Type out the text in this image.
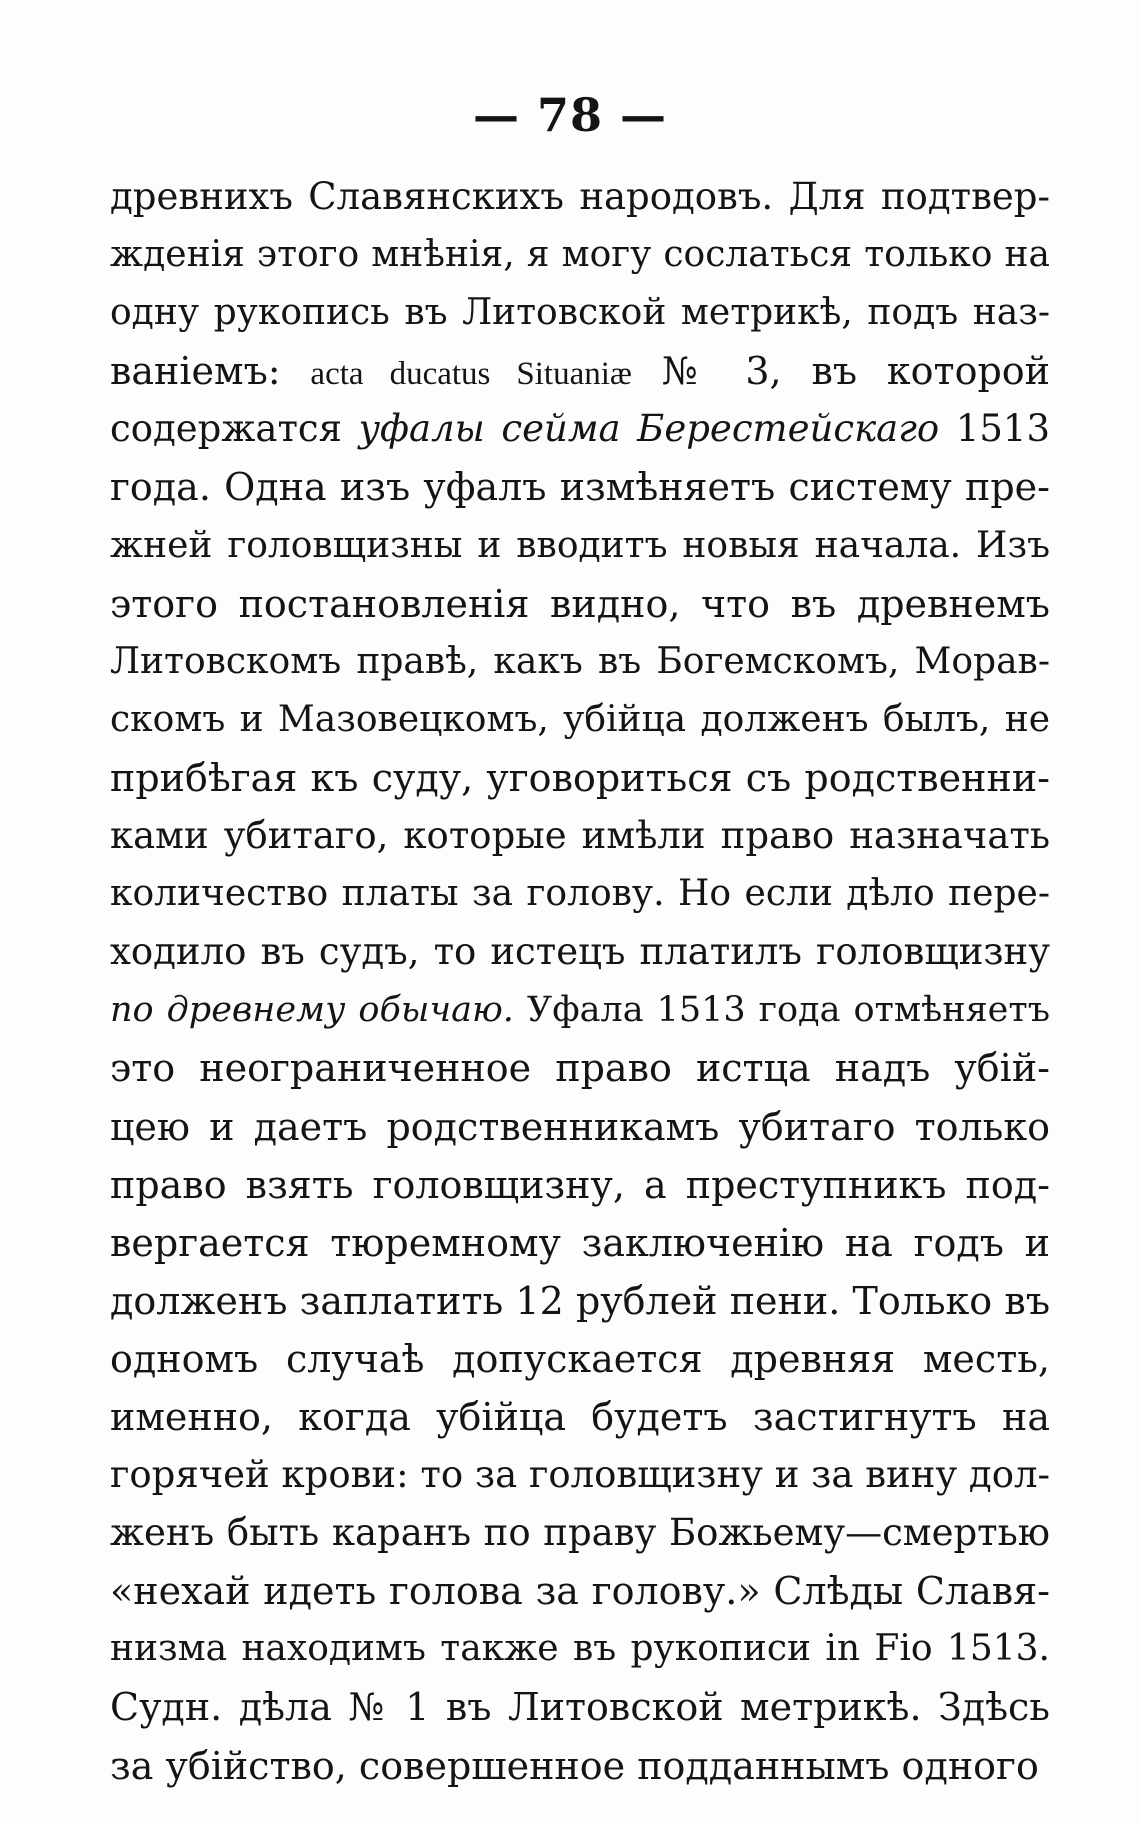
— 78 —
древнихъ Славянскихъ народовъ. Для подтвер-
жденія этого мнѣнія, я могу сослаться только на
одну рукопись въ Литовской метрикѣ, подъ наз-
ваніемъ: acta ducatus Situaniæ № 3, въ которой
содержатся уфалы сейма Берестейскаго 1513
года. Одна изъ уфалъ измѣняетъ систему пре-
жней головщизны и вводитъ новыя начала. Изъ
этого постановленія видно, что въ древнемъ
Литовскомъ правѣ, какъ въ Богемскомъ, Морав-
скомъ и Мазовецкомъ, убійца долженъ былъ, не
прибѣгая къ суду, уговориться съ родственни-
ками убитаго, которые имѣли право назначать
количество платы за голову. Но если дѣло пере-
ходило въ судъ, то истецъ платилъ головщизну
по древнему обычаю. Уфала 1513 года отмѣняетъ
это неограниченное право истца надъ убій-
цею и даетъ родственникамъ убитаго только
право взять головщизну, а преступникъ под-
вергается тюремному заключенію на годъ и
долженъ заплатить 12 рублей пени. Только въ
одномъ случаѣ допускается древняя месть,
именно, когда убійца будетъ застигнутъ на
горячей крови: то за головщизну и за вину дол-
женъ быть каранъ по праву Божьему—смертью
«нехай идеть голова за голову.» Слѣды Славя-
низма находимъ также въ рукописи in Fio 1513.
Судн. дѣла № 1 въ Литовской метрикѣ. Здѣсь
за убійство, совершенное подданнымъ одного
